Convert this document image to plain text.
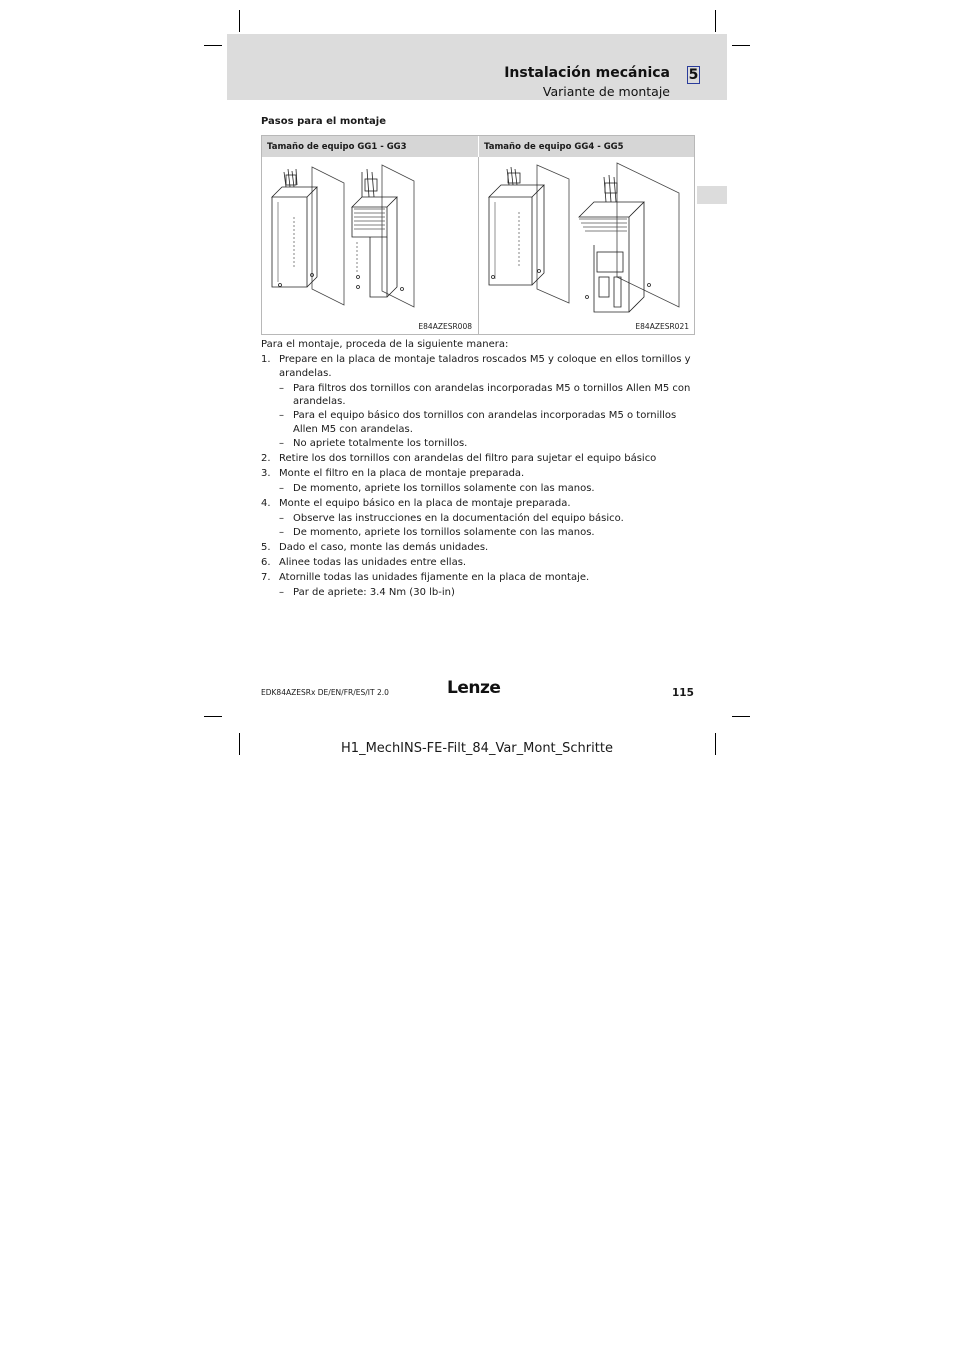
Instalación mecánica 5
Variante de montaje
Pasos para el montaje
Tamaño de equipo GG1 - GG3	Tamaño de equipo GG4 - GG5
E84AZESR008	E84AZESR021
Para el montaje, proceda de la siguiente manera:
1. Prepare en la placa de montaje taladros roscados M5 y coloque en ellos tornillos y arandelas.
– Para filtros dos tornillos con arandelas incorporadas M5 o tornillos Allen M5 con arandelas.
– Para el equipo básico dos tornillos con arandelas incorporadas M5 o tornillos Allen M5 con arandelas.
– No apriete totalmente los tornillos.
2. Retire los dos tornillos con arandelas del filtro para sujetar el equipo básico
3. Monte el filtro en la placa de montaje preparada.
– De momento, apriete los tornillos solamente con las manos.
4. Monte el equipo básico en la placa de montaje preparada.
– Observe las instrucciones en la documentación del equipo básico.
– De momento, apriete los tornillos solamente con las manos.
5. Dado el caso, monte las demás unidades.
6. Alinee todas las unidades entre ellas.
7. Atornille todas las unidades fijamente en la placa de montaje.
– Par de apriete: 3.4 Nm (30 lb-in)
EDK84AZESRx DE/EN/FR/ES/IT 2.0	Lenze	115
H1_MechINS-FE-Filt_84_Var_Mont_Schritte
